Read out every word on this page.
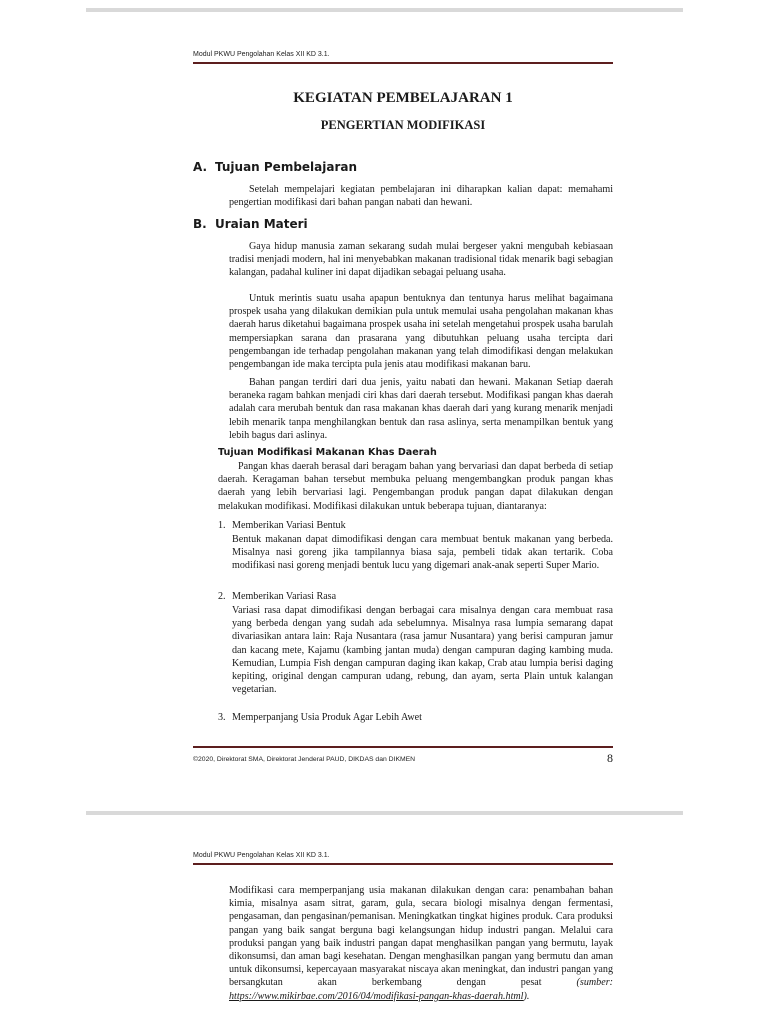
Modul PKWU Pengolahan Kelas XII KD 3.1.
KEGIATAN PEMBELAJARAN 1
PENGERTIAN MODIFIKASI
A. Tujuan Pembelajaran
Setelah mempelajari kegiatan pembelajaran ini diharapkan kalian dapat: memahami pengertian modifikasi dari bahan pangan nabati dan hewani.
B. Uraian Materi
Gaya hidup manusia zaman sekarang sudah mulai bergeser yakni mengubah kebiasaan tradisi menjadi modern, hal ini menyebabkan makanan tradisional tidak menarik bagi sebagian kalangan, padahal kuliner ini dapat dijadikan sebagai peluang usaha.
Untuk merintis suatu usaha apapun bentuknya dan tentunya harus melihat bagaimana prospek usaha yang dilakukan demikian pula untuk memulai usaha pengolahan makanan khas daerah harus diketahui bagaimana prospek usaha ini setelah mengetahui prospek usaha barulah mempersiapkan sarana dan prasarana yang dibutuhkan peluang usaha tercipta dari pengembangan ide terhadap pengolahan makanan yang telah dimodifikasi dengan melakukan pengembangan ide maka tercipta pula jenis atau modifikasi makanan baru.
Bahan pangan terdiri dari dua jenis, yaitu nabati dan hewani. Makanan Setiap daerah beraneka ragam bahkan menjadi ciri khas dari daerah tersebut. Modifikasi pangan khas daerah adalah cara merubah bentuk dan rasa makanan khas daerah dari yang kurang menarik menjadi lebih menarik tanpa menghilangkan bentuk dan rasa aslinya, serta menampilkan bentuk yang lebih bagus dari aslinya.
Tujuan Modifikasi Makanan Khas Daerah
Pangan khas daerah berasal dari beragam bahan yang bervariasi dan dapat berbeda di setiap daerah. Keragaman bahan tersebut membuka peluang mengembangkan produk pangan khas daerah yang lebih bervariasi lagi. Pengembangan produk pangan dapat dilakukan dengan melakukan modifikasi. Modifikasi dilakukan untuk beberapa tujuan, diantaranya:
1. Memberikan Variasi Bentuk
Bentuk makanan dapat dimodifikasi dengan cara membuat bentuk makanan yang berbeda. Misalnya nasi goreng jika tampilannya biasa saja, pembeli tidak akan tertarik. Coba modifikasi nasi goreng menjadi bentuk lucu yang digemari anak-anak seperti Super Mario.
2. Memberikan Variasi Rasa
Variasi rasa dapat dimodifikasi dengan berbagai cara misalnya dengan cara membuat rasa yang berbeda dengan yang sudah ada sebelumnya. Misalnya rasa lumpia semarang dapat divariasikan antara lain: Raja Nusantara (rasa jamur Nusantara) yang berisi campuran jamur dan kacang mete, Kajamu (kambing jantan muda) dengan campuran daging kambing muda. Kemudian, Lumpia Fish dengan campuran daging ikan kakap, Crab atau lumpia berisi daging kepiting, original dengan campuran udang, rebung, dan ayam, serta Plain untuk kalangan vegetarian.
3. Memperpanjang Usia Produk Agar Lebih Awet
©2020, Direktorat SMA, Direktorat Jenderal PAUD, DIKDAS dan DIKMEN	8
Modul PKWU Pengolahan Kelas XII KD 3.1.
Modifikasi cara memperpanjang usia makanan dilakukan dengan cara: penambahan bahan kimia, misalnya asam sitrat, garam, gula, secara biologi misalnya dengan fermentasi, pengasaman, dan pengasinan/pemanisan. Meningkatkan tingkat higines produk. Cara produksi pangan yang baik sangat berguna bagi kelangsungan hidup industri pangan. Melalui cara produksi pangan yang baik industri pangan dapat menghasilkan pangan yang bermutu, layak dikonsumsi, dan aman bagi kesehatan. Dengan menghasilkan pangan yang bermutu dan aman untuk dikonsumsi, kepercayaan masyarakat niscaya akan meningkat, dan industri pangan yang bersangkutan akan berkembang dengan pesat	(sumber: https://www.mikirbae.com/2016/04/modifikasi-pangan-khas-daerah.html).
